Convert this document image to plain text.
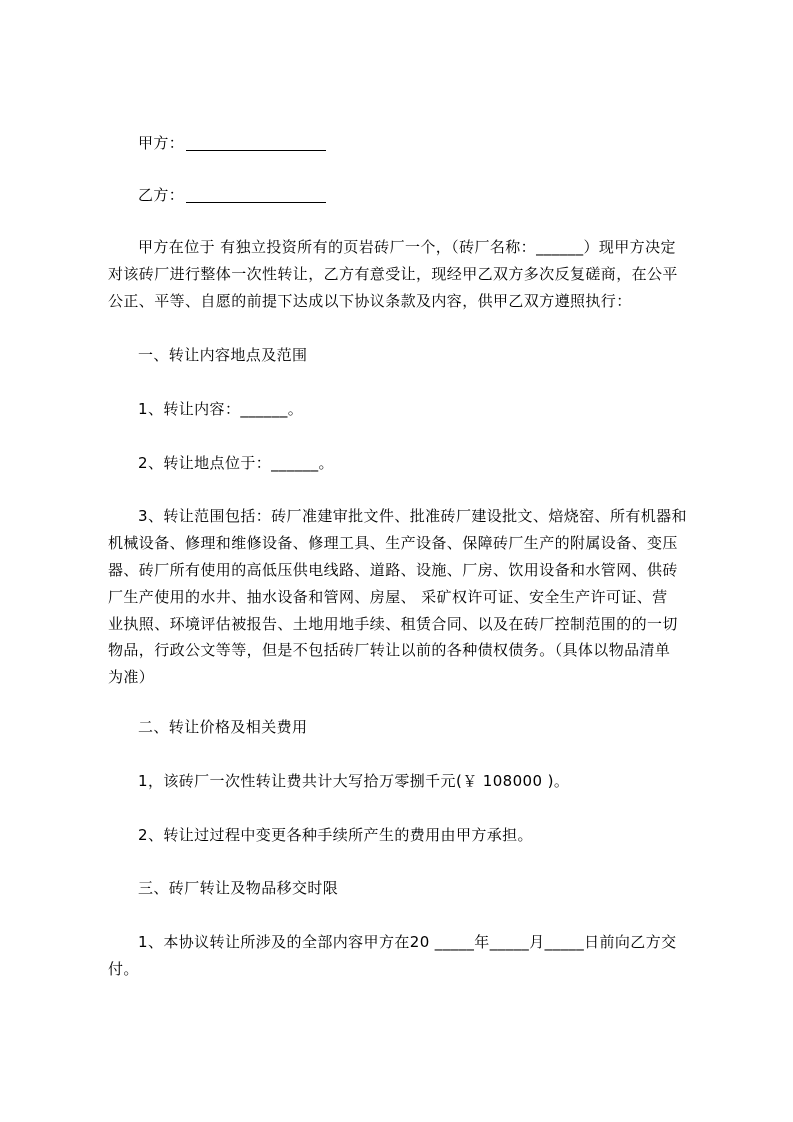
甲方：
乙方：
甲方在位于 有独立投资所有的页岩砖厂一个，（砖厂名称：______）现甲方决定
对该砖厂进行整体一次性转让，乙方有意受让，现经甲乙双方多次反复磋商，在公平
公正、平等、自愿的前提下达成以下协议条款及内容，供甲乙双方遵照执行：
一、转让内容地点及范围
1、转让内容：______。
2、转让地点位于：______。
3、转让范围包括：砖厂准建审批文件、批准砖厂建设批文、焙烧窑、所有机器和
机械设备、修理和维修设备、修理工具、生产设备、保障砖厂生产的附属设备、变压
器、砖厂所有使用的高低压供电线路、道路、设施、厂房、饮用设备和水管网、供砖
厂生产使用的水井、抽水设备和管网、房屋、 采矿权许可证、安全生产许可证、营
业执照、环境评估被报告、土地用地手续、租赁合同、以及在砖厂控制范围的的一切
物品，行政公文等等，但是不包括砖厂转让以前的各种债权债务。（具体以物品清单
为准）
二、转让价格及相关费用
1，该砖厂一次性转让费共计大写拾万零捌千元(￥ 108000 )。
2、转让过过程中变更各种手续所产生的费用由甲方承担。
三、砖厂转让及物品移交时限
1、本协议转让所涉及的全部内容甲方在20 _____年_____月_____日前向乙方交
付。
